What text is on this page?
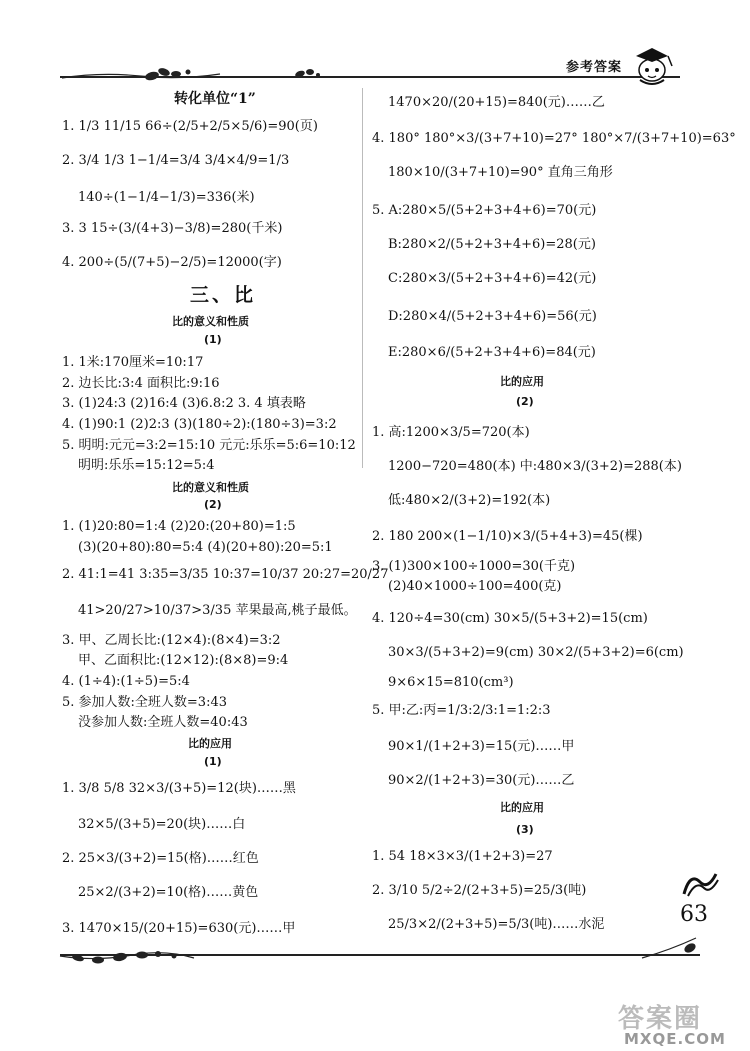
参考答案
转化单位“1”
1. 1/3 11/15 66÷(2/5+2/5×5/6)=90(页)
2. 3/4 1/3 1−1/4=3/4 3/4×4/9=1/3
140÷(1−1/4−1/3)=336(米)
3. 3 15÷(3/(4+3)−3/8)=280(千米)
4. 200÷(5/(7+5)−2/5)=12000(字)
三、比
比的意义和性质
(1)
1. 1米:170厘米=10:17
2. 边长比:3:4 面积比:9:16
3. (1)24:3 (2)16:4 (3)6.8:2 3. 4 填表略
4. (1)90:1 (2)2:3 (3)(180÷2):(180÷3)=3:2
5. 明明:元元=3:2=15:10 元元:乐乐=5:6=10:12
明明:乐乐=15:12=5:4
比的意义和性质
(2)
1. (1)20:80=1:4 (2)20:(20+80)=1:5
(3)(20+80):80=5:4 (4)(20+80):20=5:1
2. 41:1=41 3:35=3/35 10:37=10/37 20:27=20/27
41>20/27>10/37>3/35 苹果最高,桃子最低。
3. 甲、乙周长比:(12×4):(8×4)=3:2
甲、乙面积比:(12×12):(8×8)=9:4
4. (1÷4):(1÷5)=5:4
5. 参加人数:全班人数=3:43
没参加人数:全班人数=40:43
比的应用
(1)
1. 3/8 5/8 32×3/(3+5)=12(块)……黑
32×5/(3+5)=20(块)……白
2. 25×3/(3+2)=15(格)……红色
25×2/(3+2)=10(格)……黄色
3. 1470×15/(20+15)=630(元)……甲
1470×20/(20+15)=840(元)……乙
4. 180° 180°×3/(3+7+10)=27° 180°×7/(3+7+10)=63°
180×10/(3+7+10)=90° 直角三角形
5. A:280×5/(5+2+3+4+6)=70(元)
B:280×2/(5+2+3+4+6)=28(元)
C:280×3/(5+2+3+4+6)=42(元)
D:280×4/(5+2+3+4+6)=56(元)
E:280×6/(5+2+3+4+6)=84(元)
比的应用
(2)
1. 高:1200×3/5=720(本)
1200−720=480(本) 中:480×3/(3+2)=288(本)
低:480×2/(3+2)=192(本)
2. 180 200×(1−1/10)×3/(5+4+3)=45(棵)
3. (1)300×100÷1000=30(千克)
(2)40×1000÷100=400(克)
4. 120÷4=30(cm) 30×5/(5+3+2)=15(cm)
30×3/(5+3+2)=9(cm) 30×2/(5+3+2)=6(cm)
9×6×15=810(cm³)
5. 甲:乙:丙=1/3:2/3:1=1:2:3
90×1/(1+2+3)=15(元)……甲
90×2/(1+2+3)=30(元)……乙
比的应用
(3)
1. 54 18×3×3/(1+2+3)=27
2. 3/10 5/2÷2/(2+3+5)=25/3(吨)
25/3×2/(2+3+5)=5/3(吨)……水泥	63
答案圈
MXQE.COM
